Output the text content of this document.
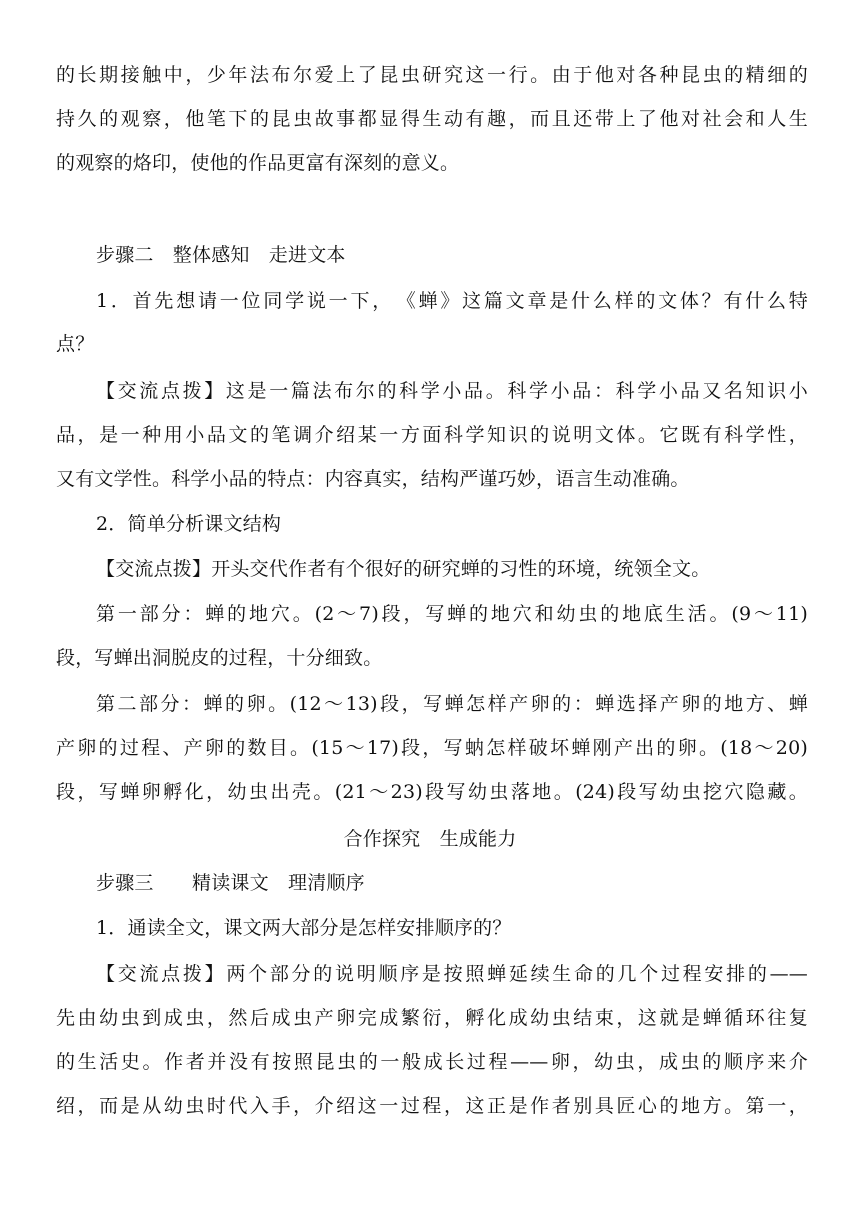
的长期接触中，少年法布尔爱上了昆虫研究这一行。由于他对各种昆虫的精细的
持久的观察，他笔下的昆虫故事都显得生动有趣，而且还带上了他对社会和人生
的观察的烙印，使他的作品更富有深刻的意义。
步骤二　整体感知　走进文本
1．首先想请一位同学说一下，　《蝉》这篇文章是什么样的文体？有什么特
点？
【交流点拨】这是一篇法布尔的科学小品。科学小品：科学小品又名知识小
品，是一种用小品文的笔调介绍某一方面科学知识的说明文体。它既有科学性，
又有文学性。科学小品的特点：内容真实，结构严谨巧妙，语言生动准确。
2．简单分析课文结构
【交流点拨】开头交代作者有个很好的研究蝉的习性的环境，统领全文。
第一部分：蝉的地穴。(2～7)段，写蝉的地穴和幼虫的地底生活。(9～11)
段，写蝉出洞脱皮的过程，十分细致。
第二部分：蝉的卵。(12～13)段，写蝉怎样产卵的：蝉选择产卵的地方、蝉
产卵的过程、产卵的数目。(15～17)段，写蚋怎样破坏蝉刚产出的卵。(18～20)
段，写蝉卵孵化，幼虫出壳。(21～23)段写幼虫落地。(24)段写幼虫挖穴隐藏。
合作探究　生成能力
步骤三　　精读课文　理清顺序
1．通读全文，课文两大部分是怎样安排顺序的？
【交流点拨】两个部分的说明顺序是按照蝉延续生命的几个过程安排的——
先由幼虫到成虫，然后成虫产卵完成繁衍，孵化成幼虫结束，这就是蝉循环往复
的生活史。作者并没有按照昆虫的一般成长过程——卵，幼虫，成虫的顺序来介
绍，而是从幼虫时代入手，介绍这一过程，这正是作者别具匠心的地方。第一，
